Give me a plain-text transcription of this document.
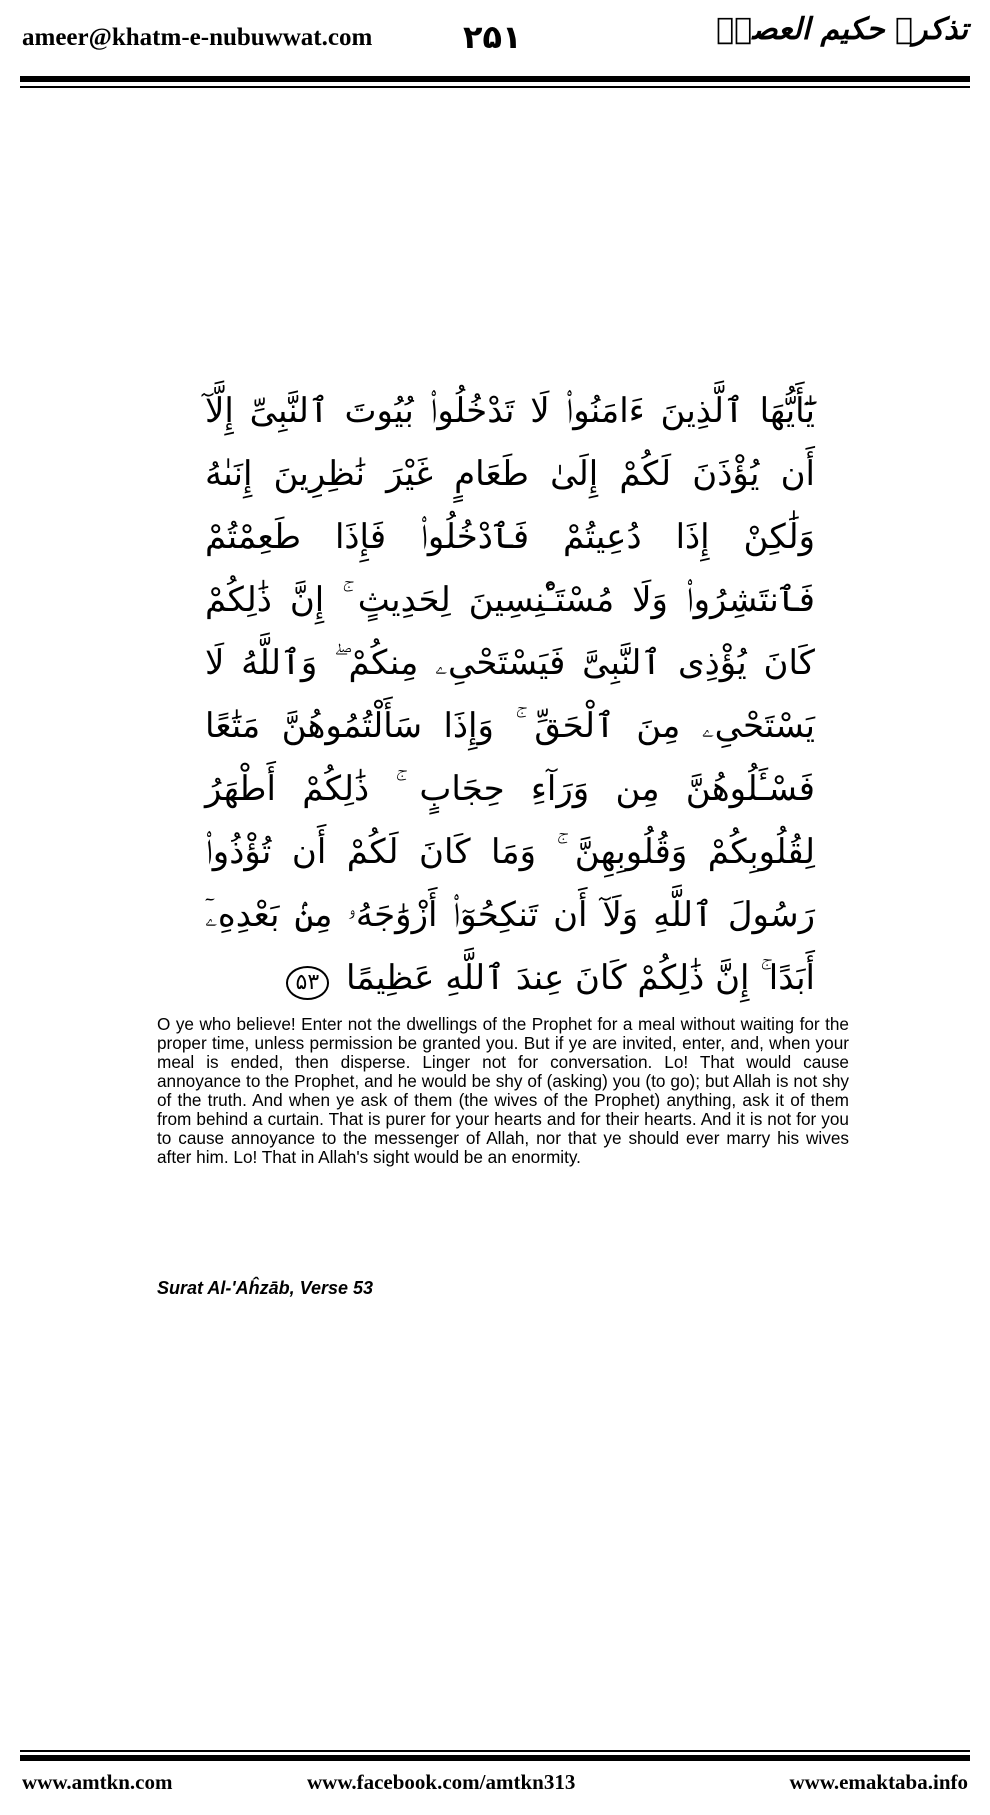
ameer@khatm-e-nubuwwat.com	۲۵۱	تذکرہ حکیم العصرؒ
يَٰٓأَيُّهَا ٱلَّذِينَ ءَامَنُوا۟ لَا تَدْخُلُوا۟ بُيُوتَ ٱلنَّبِىِّ إِلَّآ أَن يُؤْذَنَ لَكُمْ إِلَىٰ طَعَامٍ غَيْرَ نَٰظِرِينَ إِنَىٰهُ وَلَٰكِنْ إِذَا دُعِيتُمْ فَٱدْخُلُوا۟ فَإِذَا طَعِمْتُمْ فَٱنتَشِرُوا۟ وَلَا مُسْتَـْٔنِسِينَ لِحَدِيثٍ ۚ إِنَّ ذَٰلِكُمْ كَانَ يُؤْذِى ٱلنَّبِىَّ فَيَسْتَحْىِۦ مِنكُمْ ۖ وَٱللَّهُ لَا يَسْتَحْىِۦ مِنَ ٱلْحَقِّ ۚ وَإِذَا سَأَلْتُمُوهُنَّ مَتَٰعًا فَسْـَٔلُوهُنَّ مِن وَرَآءِ حِجَابٍ ۚ ذَٰلِكُمْ أَطْهَرُ لِقُلُوبِكُمْ وَقُلُوبِهِنَّ ۚ وَمَا كَانَ لَكُمْ أَن تُؤْذُوا۟ رَسُولَ ٱللَّهِ وَلَآ أَن تَنكِحُوٓا۟ أَزْوَٰجَهُۥ مِنۢ بَعْدِهِۦٓ أَبَدًا ۚ إِنَّ ذَٰلِكُمْ كَانَ عِندَ ٱللَّهِ عَظِيمًا ۵۳
O ye who believe! Enter not the dwellings of the Prophet for a meal without waiting for the proper time, unless permission be granted you. But if ye are invited, enter, and, when your meal is ended, then disperse. Linger not for conversation. Lo! That would cause annoyance to the Prophet, and he would be shy of (asking) you (to go); but Allah is not shy of the truth. And when ye ask of them (the wives of the Prophet) anything, ask it of them from behind a curtain. That is purer for your hearts and for their hearts. And it is not for you to cause annoyance to the messenger of Allah, nor that ye should ever marry his wives after him. Lo! That in Allah's sight would be an enormity.
Surat Al-'Aĥzāb, Verse 53
www.amtkn.com	www.facebook.com/amtkn313	www.emaktaba.info
